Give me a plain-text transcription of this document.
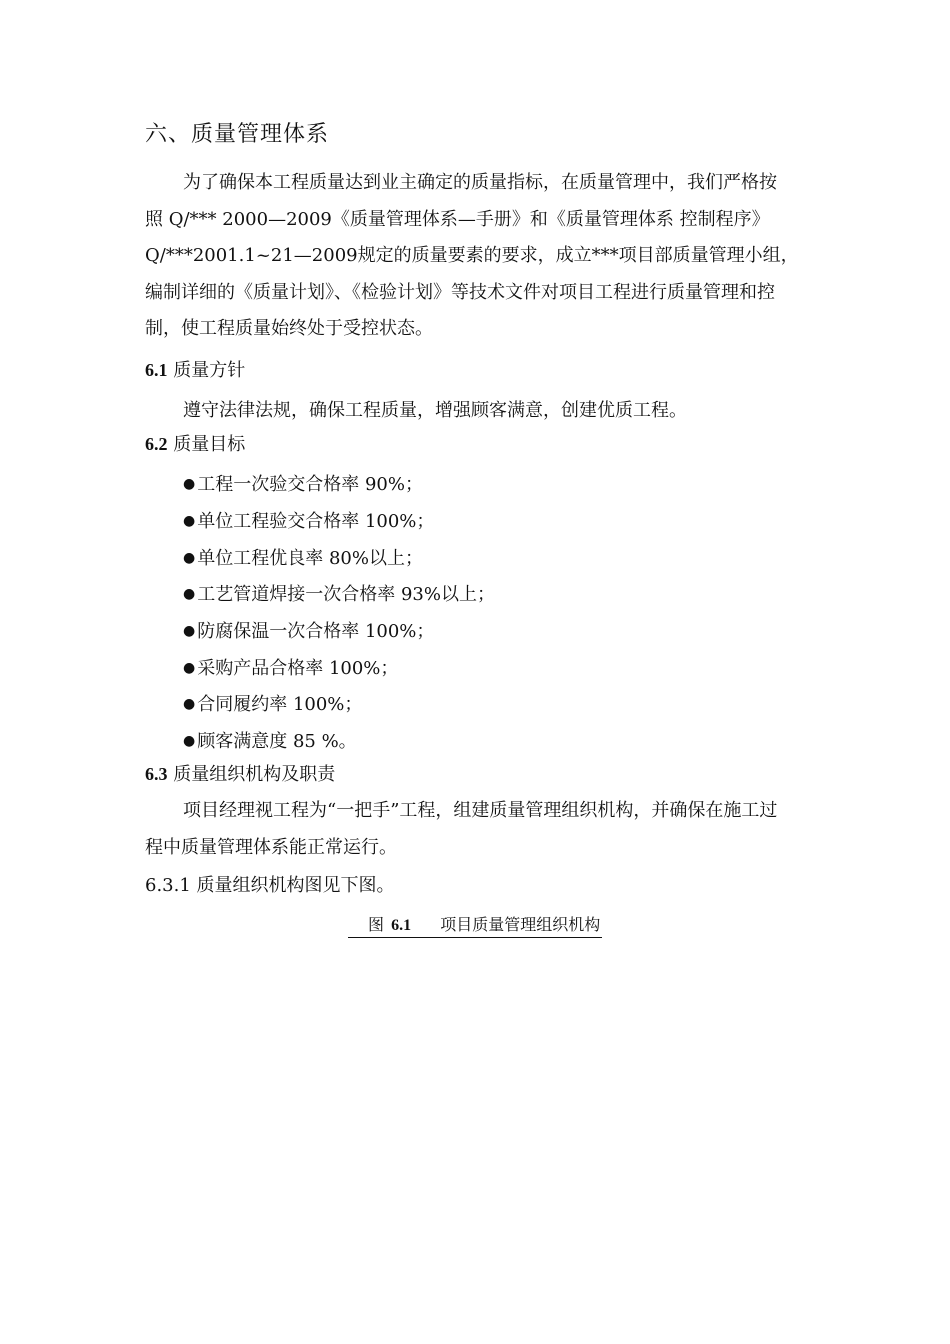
六、质量管理体系
为了确保本工程质量达到业主确定的质量指标，在质量管理中，我们严格按
照 Q/*** 2000—2009《质量管理体系—手册》和《质量管理体系 控制程序》
Q/***2001.1~21—2009规定的质量要素的要求，成立***项目部质量管理小组，
编制详细的《质量计划》、《检验计划》等技术文件对项目工程进行质量管理和控
制，使工程质量始终处于受控状态。
6.1 质量方针
遵守法律法规，确保工程质量，增强顾客满意，创建优质工程。
6.2 质量目标
● 工程一次验交合格率 90%；
● 单位工程验交合格率 100%；
● 单位工程优良率 80%以上；
● 工艺管道焊接一次合格率 93%以上；
● 防腐保温一次合格率 100%；
● 采购产品合格率 100%；
● 合同履约率 100%；
● 顾客满意度 85 %。
6.3 质量组织机构及职责
项目经理视工程为“一把手”工程，组建质量管理组织机构，并确保在施工过
程中质量管理体系能正常运行。
6.3.1 质量组织机构图见下图。
图 6.1 项目质量管理组织机构
